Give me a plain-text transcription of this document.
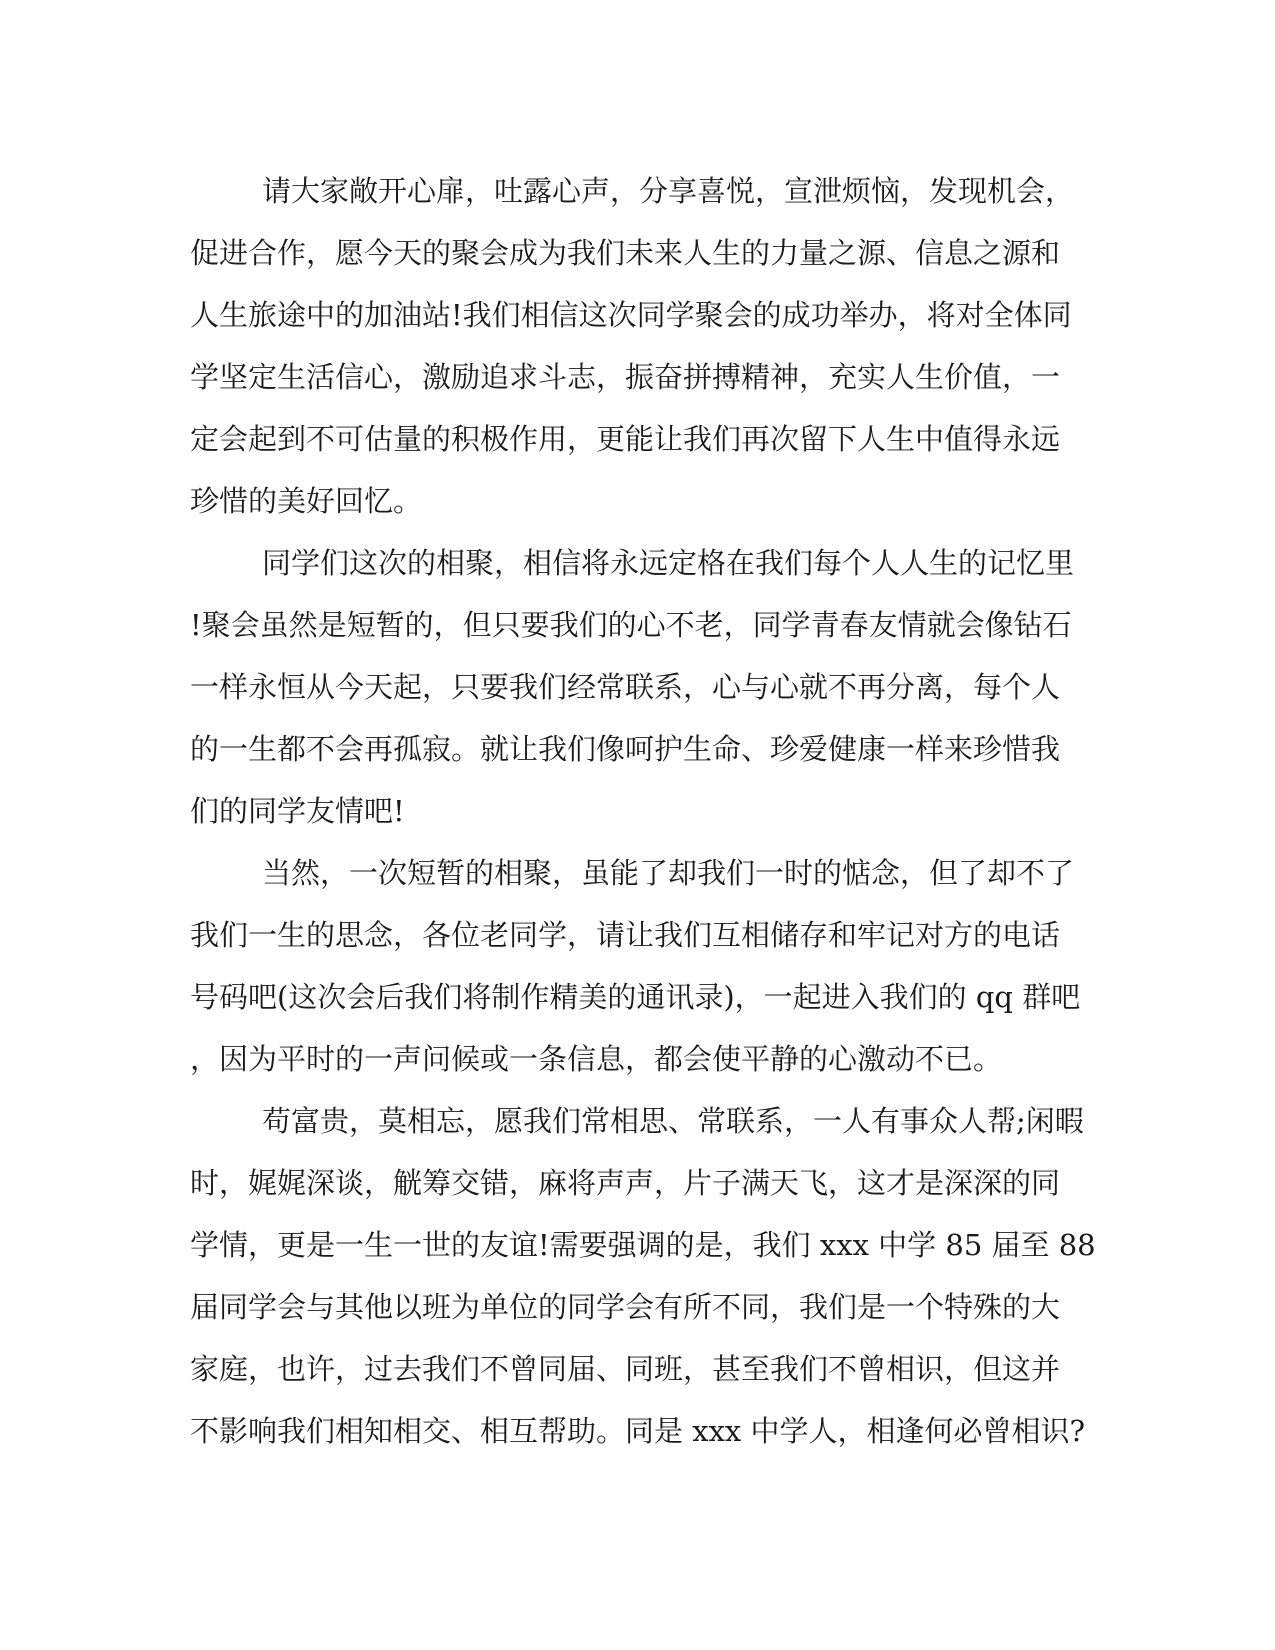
请大家敞开心扉，吐露心声，分享喜悦，宣泄烦恼，发现机会，
促进合作，愿今天的聚会成为我们未来人生的力量之源、信息之源和
人生旅途中的加油站!我们相信这次同学聚会的成功举办，将对全体同
学坚定生活信心，激励追求斗志，振奋拼搏精神，充实人生价值，一
定会起到不可估量的积极作用，更能让我们再次留下人生中值得永远
珍惜的美好回忆。
同学们这次的相聚，相信将永远定格在我们每个人人生的记忆里
!聚会虽然是短暂的，但只要我们的心不老，同学青春友情就会像钻石
一样永恒从今天起，只要我们经常联系，心与心就不再分离，每个人
的一生都不会再孤寂。就让我们像呵护生命、珍爱健康一样来珍惜我
们的同学友情吧!
当然，一次短暂的相聚，虽能了却我们一时的惦念，但了却不了
我们一生的思念，各位老同学，请让我们互相储存和牢记对方的电话
号码吧(这次会后我们将制作精美的通讯录)，一起进入我们的 qq 群吧
，因为平时的一声问候或一条信息，都会使平静的心激动不已。
苟富贵，莫相忘，愿我们常相思、常联系，一人有事众人帮;闲暇
时，娓娓深谈，觥筹交错，麻将声声，片子满天飞，这才是深深的同
学情，更是一生一世的友谊!需要强调的是，我们 xxx 中学 85 届至 88
届同学会与其他以班为单位的同学会有所不同，我们是一个特殊的大
家庭，也许，过去我们不曾同届、同班，甚至我们不曾相识，但这并
不影响我们相知相交、相互帮助。同是 xxx 中学人，相逢何必曾相识?
